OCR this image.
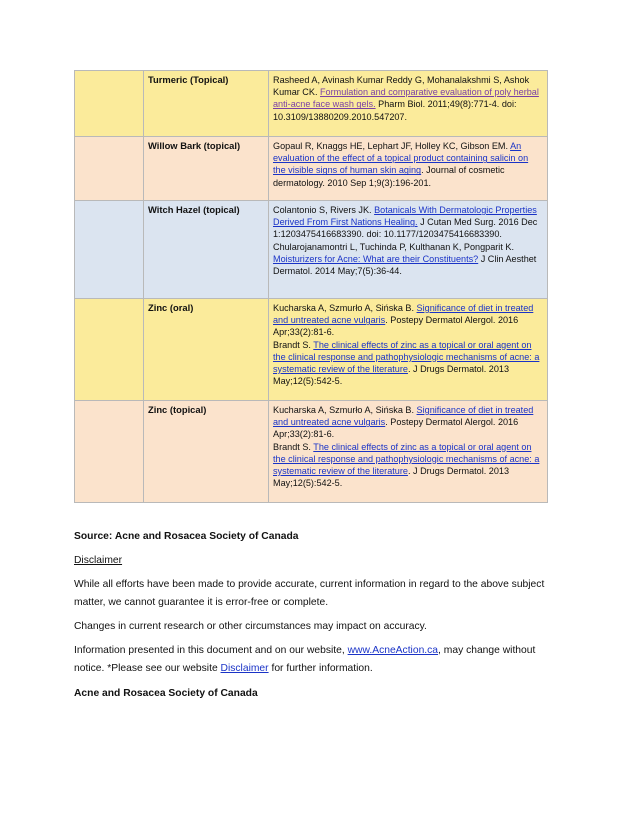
	Turmeric (Topical)	Rasheed A, Avinash Kumar Reddy G, Mohanalakshmi S, Ashok Kumar CK. Formulation and comparative evaluation of poly herbal anti-acne face wash gels. Pharm Biol. 2011;49(8):771-4. doi: 10.3109/13880209.2010.547207.
	Willow Bark (topical)	Gopaul R, Knaggs HE, Lephart JF, Holley KC, Gibson EM. An evaluation of the effect of a topical product containing salicin on the visible signs of human skin aging. Journal of cosmetic dermatology. 2010 Sep 1;9(3):196-201.
	Witch Hazel (topical)	Colantonio S, Rivers JK. Botanicals With Dermatologic Properties Derived From First Nations Healing. J Cutan Med Surg. 2016 Dec 1:1203475416683390. doi: 10.1177/1203475416683390.
Chularojanamontri L, Tuchinda P, Kulthanan K, Pongparit K. Moisturizers for Acne: What are their Constituents? J Clin Aesthet Dermatol. 2014 May;7(5):36-44.
	Zinc (oral)	Kucharska A, Szmurło A, Sińska B. Significance of diet in treated and untreated acne vulgaris. Postepy Dermatol Alergol. 2016 Apr;33(2):81-6.
Brandt S. The clinical effects of zinc as a topical or oral agent on the clinical response and pathophysiologic mechanisms of acne: a systematic review of the literature. J Drugs Dermatol. 2013 May;12(5):542-5.
	Zinc (topical)	Kucharska A, Szmurło A, Sińska B. Significance of diet in treated and untreated acne vulgaris. Postepy Dermatol Alergol. 2016 Apr;33(2):81-6.
Brandt S. The clinical effects of zinc as a topical or oral agent on the clinical response and pathophysiologic mechanisms of acne: a systematic review of the literature. J Drugs Dermatol. 2013 May;12(5):542-5.
Source: Acne and Rosacea Society of Canada
Disclaimer
While all efforts have been made to provide accurate, current information in regard to the above subject matter, we cannot guarantee it is error-free or complete.
Changes in current research or other circumstances may impact on accuracy.
Information presented in this document and on our website, www.AcneAction.ca, may change without notice. *Please see our website Disclaimer for further information.
Acne and Rosacea Society of Canada
